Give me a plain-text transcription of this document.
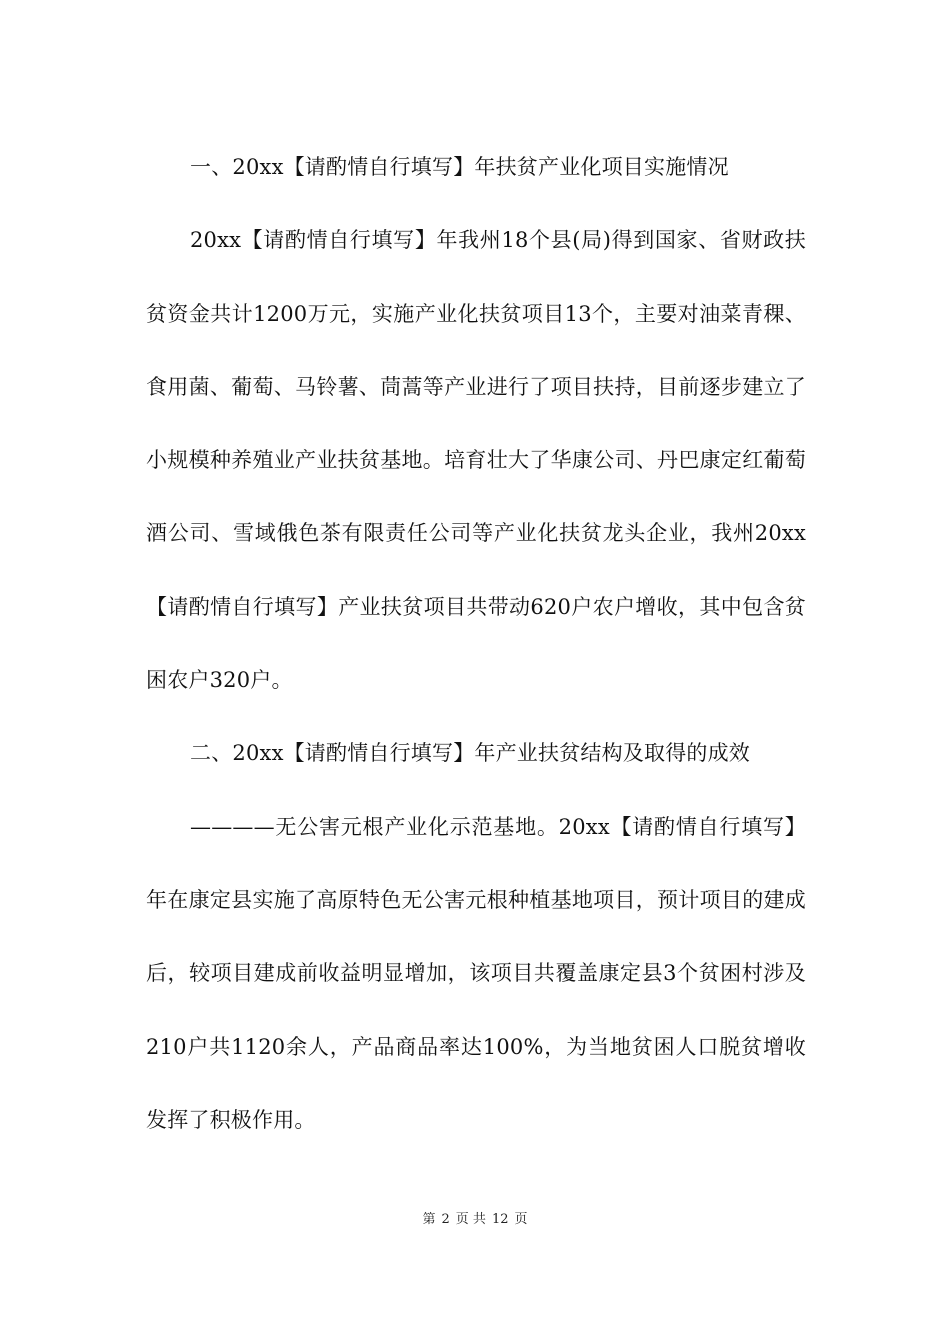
一、20xx【请酌情自行填写】年扶贫产业化项目实施情况

20xx【请酌情自行填写】年我州18个县(局)得到国家、省财政扶贫资金共计1200万元，实施产业化扶贫项目13个，主要对油菜青稞、食用菌、葡萄、马铃薯、茼蒿等产业进行了项目扶持，目前逐步建立了小规模种养殖业产业扶贫基地。培育壮大了华康公司、丹巴康定红葡萄酒公司、雪域俄色茶有限责任公司等产业化扶贫龙头企业，我州20xx【请酌情自行填写】产业扶贫项目共带动620户农户增收，其中包含贫困农户320户。

二、20xx【请酌情自行填写】年产业扶贫结构及取得的成效

————无公害元根产业化示范基地。20xx【请酌情自行填写】年在康定县实施了高原特色无公害元根种植基地项目，预计项目的建成后，较项目建成前收益明显增加，该项目共覆盖康定县3个贫困村涉及210户共1120余人，产品商品率达100%，为当地贫困人口脱贫增收发挥了积极作用。

第 2 页 共 12 页
